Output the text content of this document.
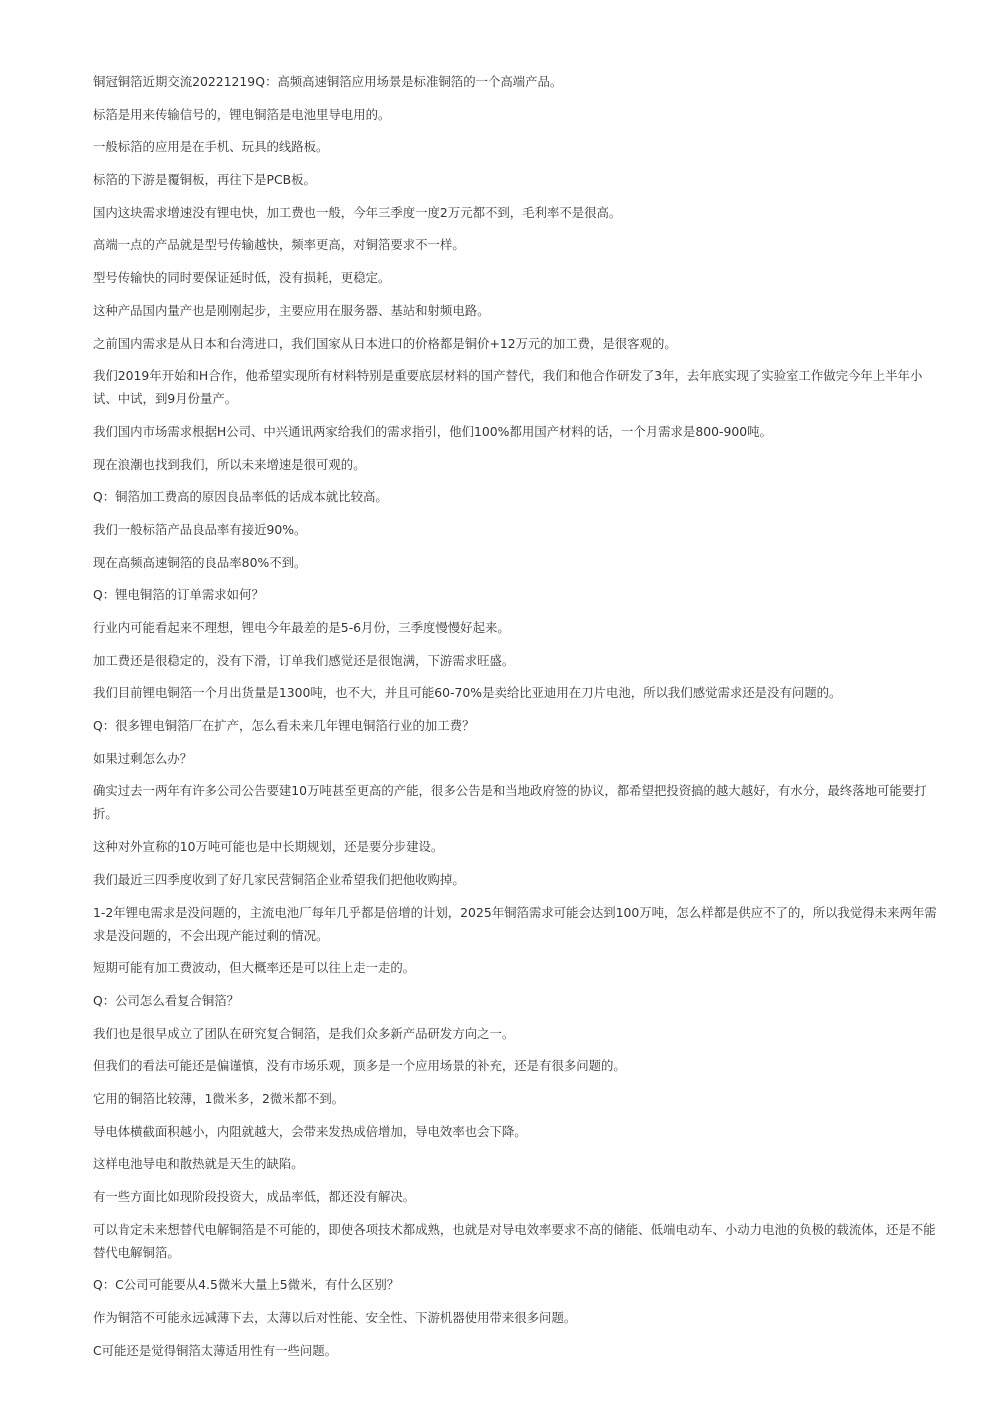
铜冠铜箔近期交流20221219Q：高频高速铜箔应用场景是标准铜箔的一个高端产品。

标箔是用来传输信号的，锂电铜箔是电池里导电用的。

一般标箔的应用是在手机、玩具的线路板。

标箔的下游是覆铜板，再往下是PCB板。

国内这块需求增速没有锂电快，加工费也一般，今年三季度一度2万元都不到，毛利率不是很高。

高端一点的产品就是型号传输越快，频率更高，对铜箔要求不一样。

型号传输快的同时要保证延时低，没有损耗，更稳定。

这种产品国内量产也是刚刚起步，主要应用在服务器、基站和射频电路。

之前国内需求是从日本和台湾进口，我们国家从日本进口的价格都是铜价+12万元的加工费，是很客观的。

我们2019年开始和H合作，他希望实现所有材料特别是重要底层材料的国产替代，我们和他合作研发了3年，去年底实现了实验室工作做完今年上半年小试、中试，到9月份量产。

我们国内市场需求根据H公司、中兴通讯两家给我们的需求指引，他们100%都用国产材料的话，一个月需求是800-900吨。

现在浪潮也找到我们，所以未来增速是很可观的。

Q：铜箔加工费高的原因良品率低的话成本就比较高。

我们一般标箔产品良品率有接近90%。

现在高频高速铜箔的良品率80%不到。

Q：锂电铜箔的订单需求如何？

行业内可能看起来不理想，锂电今年最差的是5-6月份，三季度慢慢好起来。

加工费还是很稳定的，没有下滑，订单我们感觉还是很饱满，下游需求旺盛。

我们目前锂电铜箔一个月出货量是1300吨，也不大，并且可能60-70%是卖给比亚迪用在刀片电池，所以我们感觉需求还是没有问题的。

Q：很多锂电铜箔厂在扩产，怎么看未来几年锂电铜箔行业的加工费？

如果过剩怎么办？

确实过去一两年有许多公司公告要建10万吨甚至更高的产能，很多公告是和当地政府签的协议，都希望把投资搞的越大越好，有水分，最终落地可能要打折。

这种对外宣称的10万吨可能也是中长期规划，还是要分步建设。

我们最近三四季度收到了好几家民营铜箔企业希望我们把他收购掉。

1-2年锂电需求是没问题的，主流电池厂每年几乎都是倍增的计划，2025年铜箔需求可能会达到100万吨，怎么样都是供应不了的，所以我觉得未来两年需求是没问题的，不会出现产能过剩的情况。

短期可能有加工费波动，但大概率还是可以往上走一走的。

Q：公司怎么看复合铜箔？

我们也是很早成立了团队在研究复合铜箔，是我们众多新产品研发方向之一。

但我们的看法可能还是偏谨慎，没有市场乐观，顶多是一个应用场景的补充，还是有很多问题的。

它用的铜箔比较薄，1微米多，2微米都不到。

导电体横截面积越小，内阻就越大，会带来发热成倍增加，导电效率也会下降。

这样电池导电和散热就是天生的缺陷。

有一些方面比如现阶段投资大，成品率低，都还没有解决。

可以肯定未来想替代电解铜箔是不可能的，即使各项技术都成熟，也就是对导电效率要求不高的储能、低端电动车、小动力电池的负极的载流体，还是不能替代电解铜箔。

Q：C公司可能要从4.5微米大量上5微米，有什么区别？

作为铜箔不可能永远减薄下去，太薄以后对性能、安全性、下游机器使用带来很多问题。

C可能还是觉得铜箔太薄适用性有一些问题。
